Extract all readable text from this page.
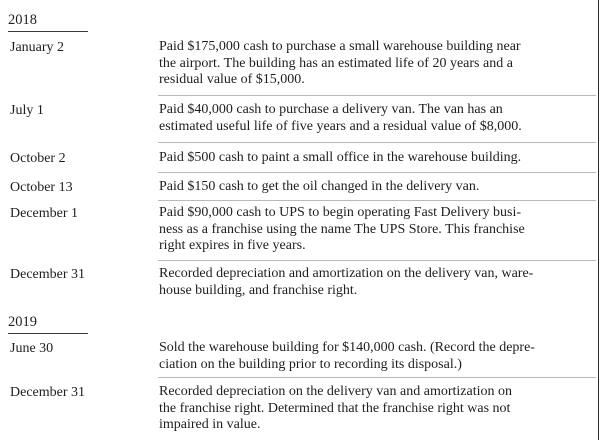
2018
January 2	Paid $175,000 cash to purchase a small warehouse building near
the airport. The building has an estimated life of 20 years and a
residual value of $15,000.
July 1	Paid $40,000 cash to purchase a delivery van. The van has an
estimated useful life of five years and a residual value of $8,000.
October 2	Paid $500 cash to paint a small office in the warehouse building.
October 13	Paid $150 cash to get the oil changed in the delivery van.
December 1	Paid $90,000 cash to UPS to begin operating Fast Delivery busi-
ness as a franchise using the name The UPS Store. This franchise
right expires in five years.
December 31	Recorded depreciation and amortization on the delivery van, ware-
house building, and franchise right.
2019
June 30	Sold the warehouse building for $140,000 cash. (Record the depre-
ciation on the building prior to recording its disposal.)
December 31	Recorded depreciation on the delivery van and amortization on
the franchise right. Determined that the franchise right was not
impaired in value.
